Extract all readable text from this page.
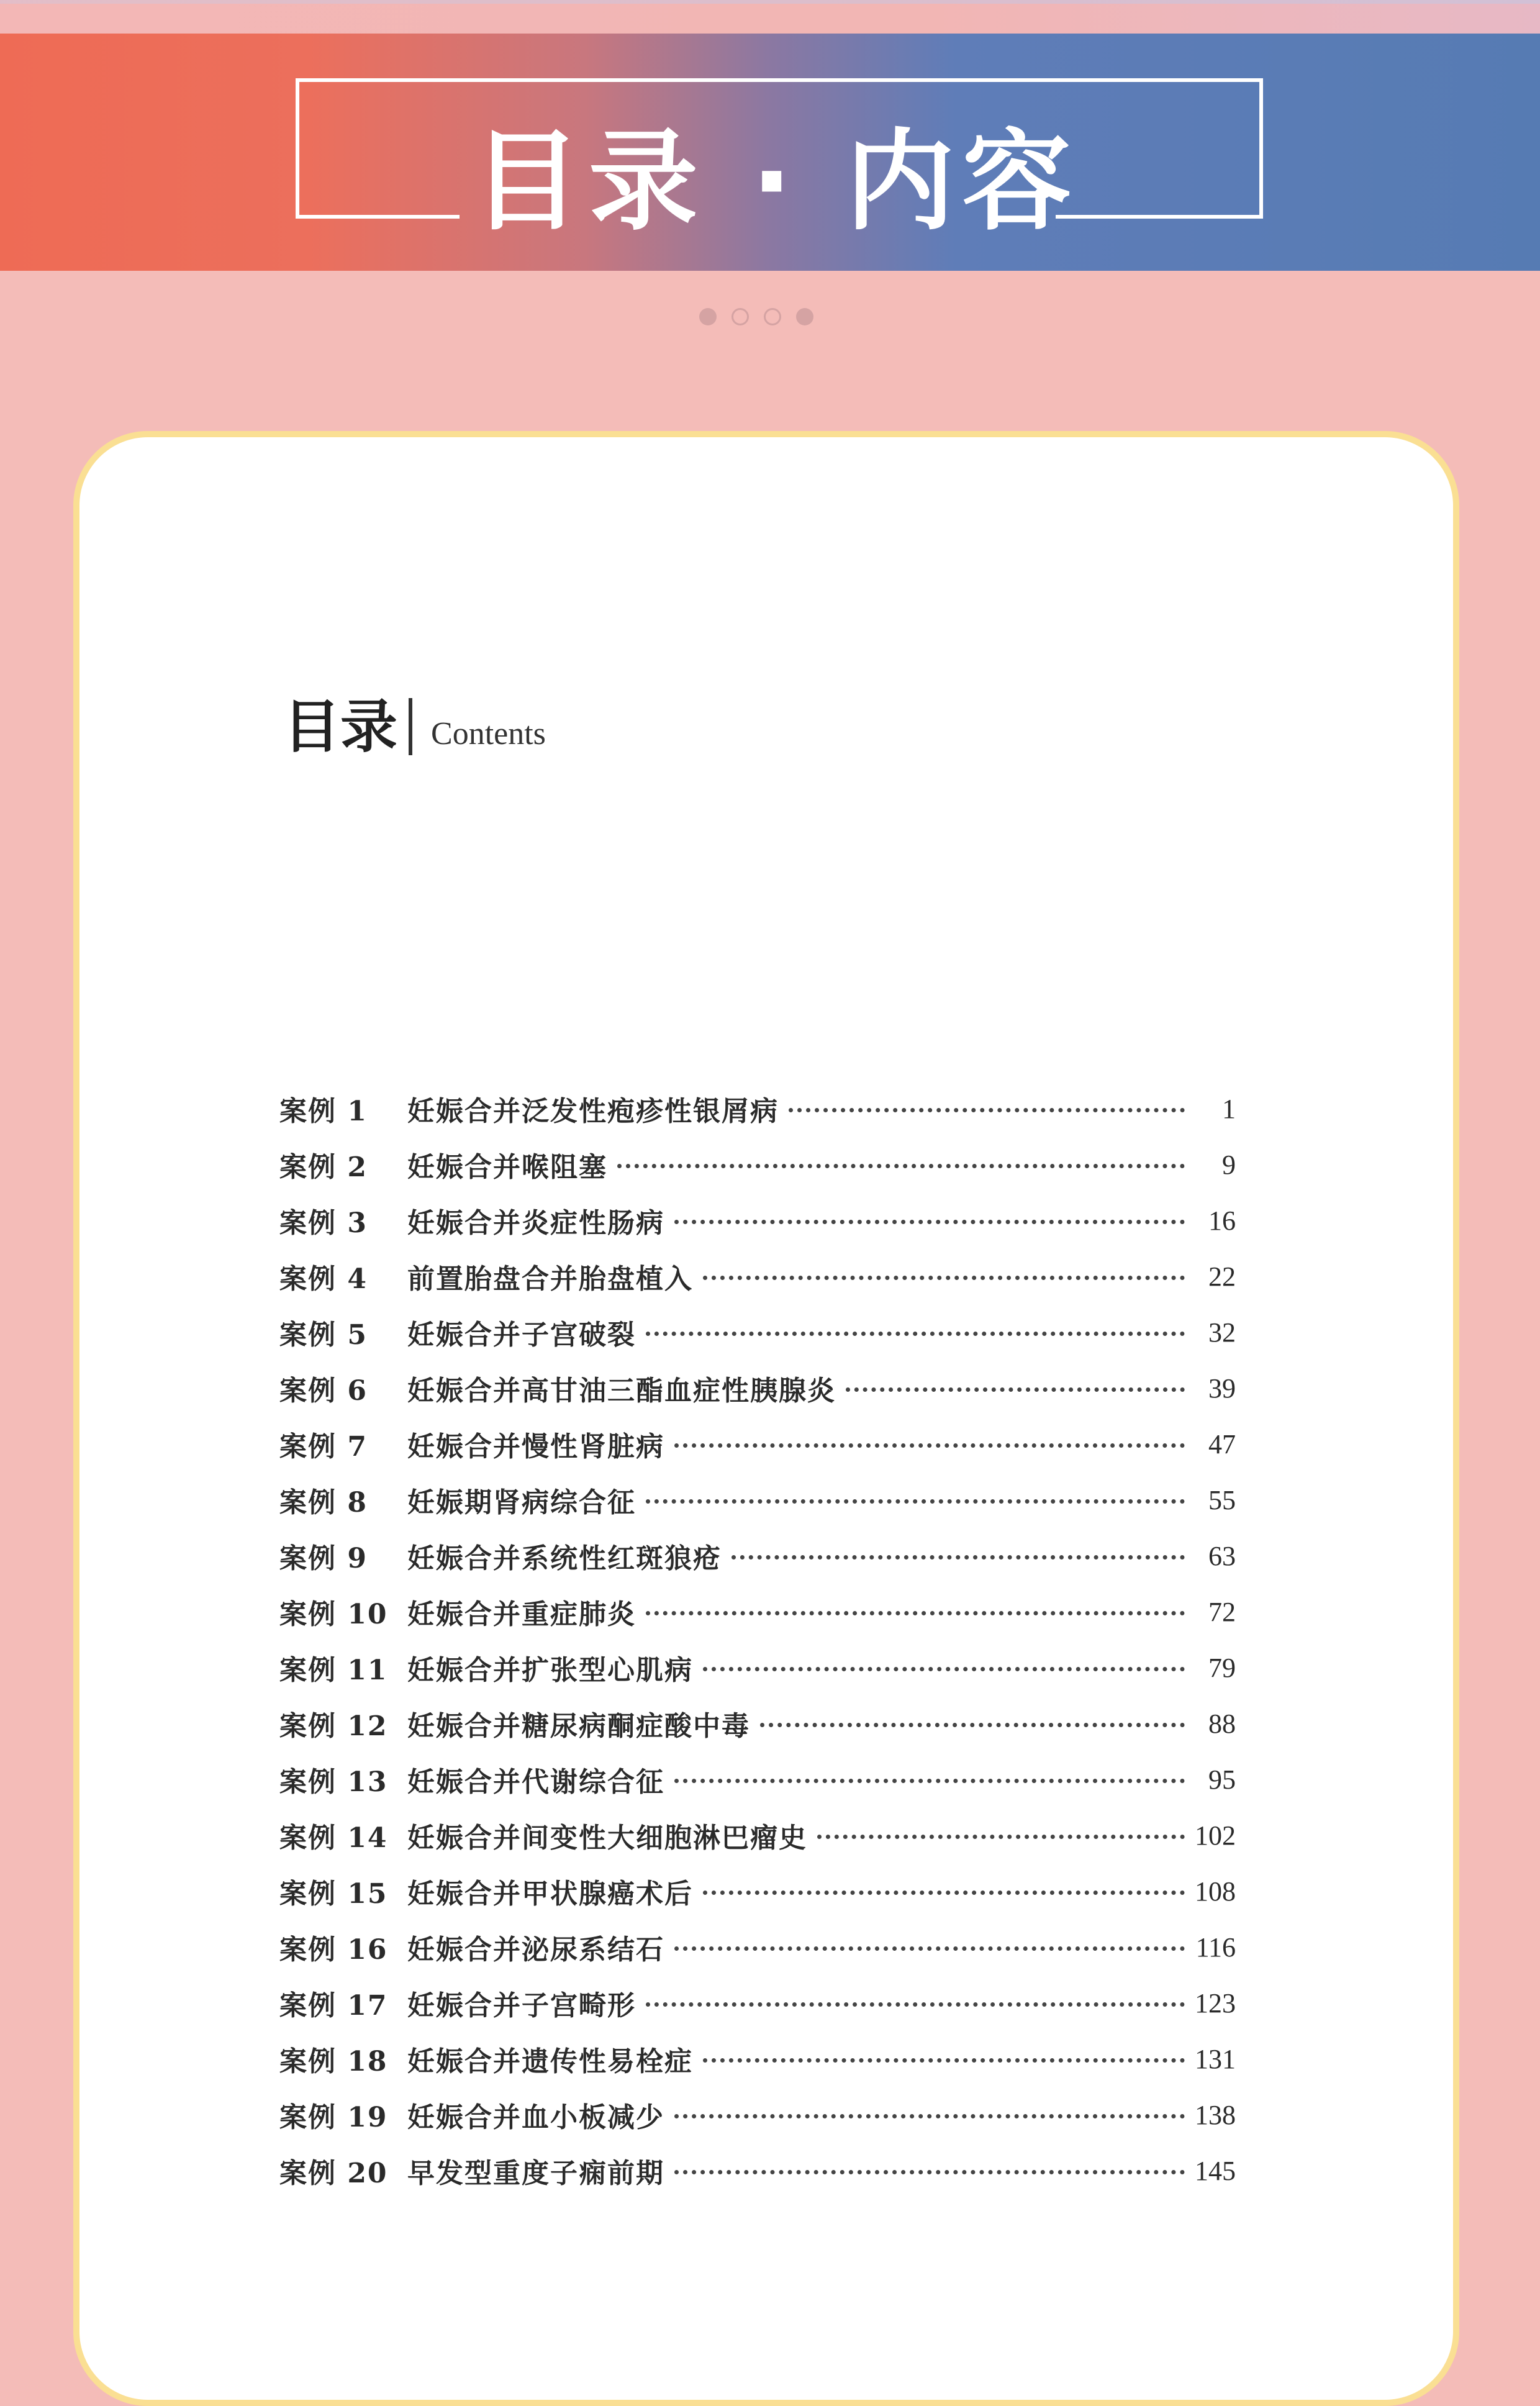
目录 · 内容
目录 Contents
案例 1	妊娠合并泛发性疱疹性银屑病	1
案例 2	妊娠合并喉阻塞	9
案例 3	妊娠合并炎症性肠病	16
案例 4	前置胎盘合并胎盘植入	22
案例 5	妊娠合并子宫破裂	32
案例 6	妊娠合并高甘油三酯血症性胰腺炎	39
案例 7	妊娠合并慢性肾脏病	47
案例 8	妊娠期肾病综合征	55
案例 9	妊娠合并系统性红斑狼疮	63
案例 10 妊娠合并重症肺炎	72
案例 11 妊娠合并扩张型心肌病	79
案例 12 妊娠合并糖尿病酮症酸中毒	88
案例 13 妊娠合并代谢综合征	95
案例 14 妊娠合并间变性大细胞淋巴瘤史	102
案例 15 妊娠合并甲状腺癌术后	108
案例 16 妊娠合并泌尿系结石	116
案例 17 妊娠合并子宫畸形	123
案例 18 妊娠合并遗传性易栓症	131
案例 19 妊娠合并血小板减少	138
案例 20 早发型重度子痫前期	145
